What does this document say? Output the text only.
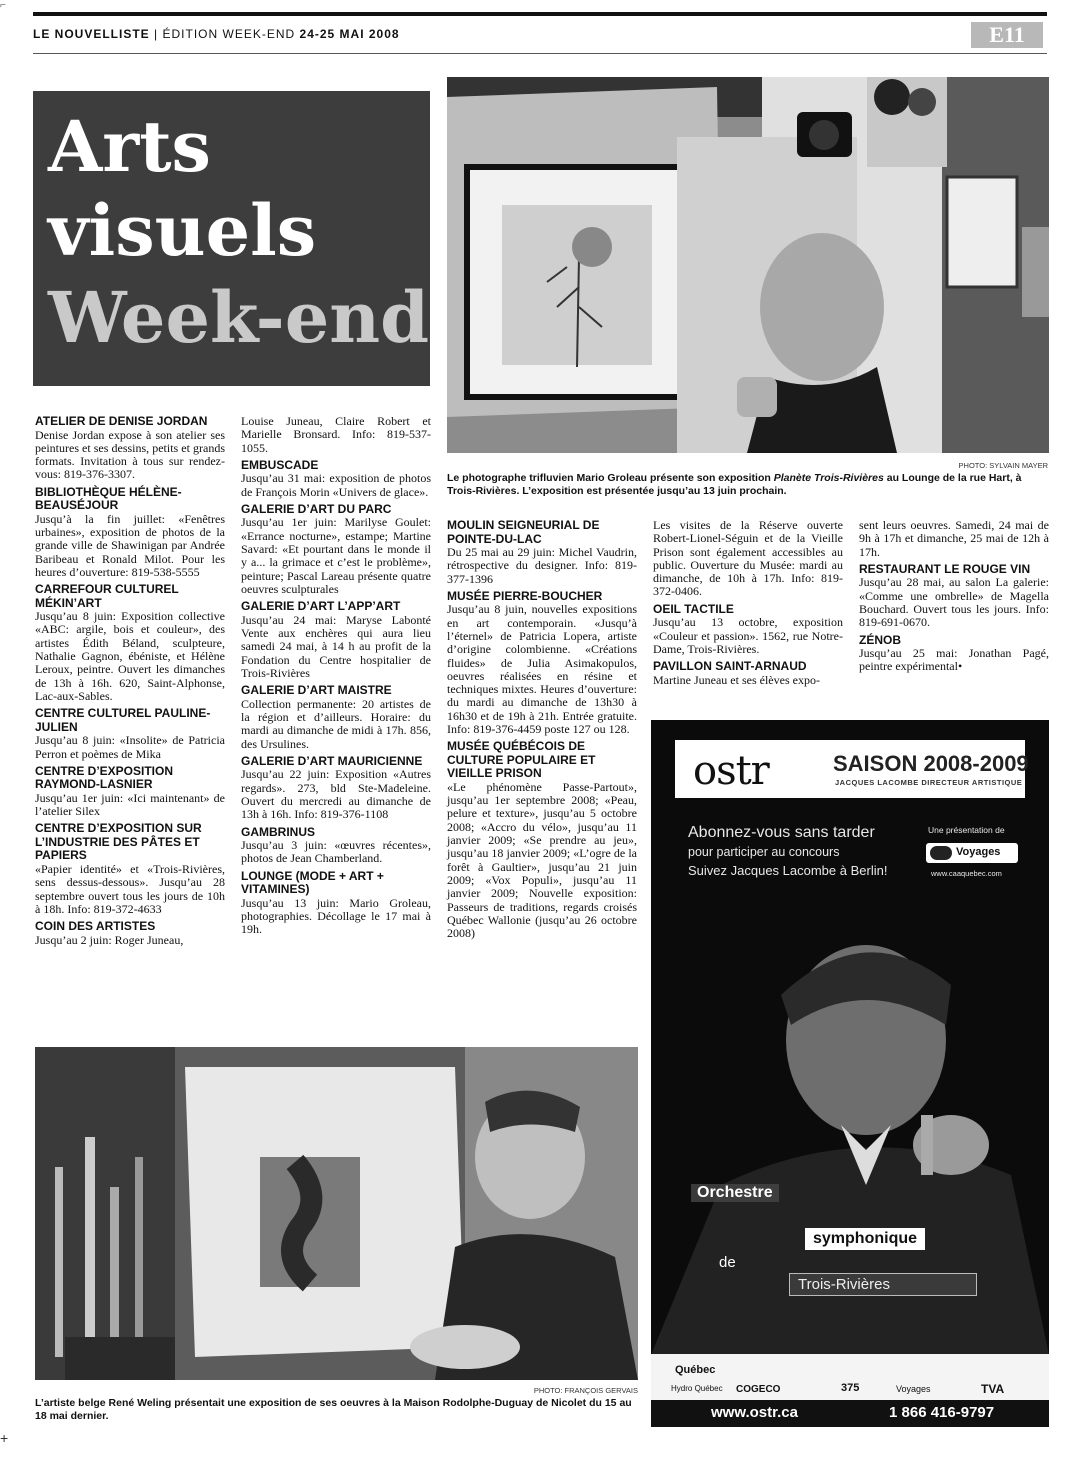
⌐
LE NOUVELLISTE | ÉDITION WEEK-END 24-25 MAI 2008	E11
Arts
visuels
Week-end
PHOTO: SYLVAIN MAYER
Le photographe trifluvien Mario Groleau présente son exposition Planète Trois-Rivières au Lounge de la rue Hart, à Trois-Rivières. L’exposition est présentée jusqu’au 13 juin prochain.
ATELIER DE DENISE JORDAN

Denise Jordan expose à son atelier ses peintures et ses dessins, petits et grands formats. Invitation à tous sur rendez-vous: 819-376-3307.

BIBLIOTHÈQUE HÉLÈNE-BEAUSÉJOUR

Jusqu’à la fin juillet: «Fenêtres urbaines», exposition de photos de la grande ville de Shawinigan par Andrée Baribeau et Ronald Milot. Pour les heures d’ouverture: 819-538-5555

CARREFOUR CULTUREL MÉKIN’ART

Jusqu’au 8 juin: Exposition collective «ABC: argile, bois et couleur», des artistes Édith Béland, sculpteure, Nathalie Gagnon, ébéniste, et Hélène Leroux, peintre. Ouvert les dimanches de 13h à 16h. 620, Saint-Alphonse, Lac-aux-Sables.

CENTRE CULTUREL PAULINE-JULIEN

Jusqu’au 8 juin: «Insolite» de Patricia Perron et poèmes de Mika

CENTRE D’EXPOSITION RAYMOND-LASNIER

Jusqu’au 1er juin: «Ici maintenant» de l’atelier Silex

CENTRE D’EXPOSITION SUR L’INDUSTRIE DES PÂTES ET PAPIERS

«Papier identité» et «Trois-Rivières, sens dessus-dessous». Jusqu’au 28 septembre ouvert tous les jours de 10h à 18h. Info: 819-372-4633

COIN DES ARTISTES

Jusqu’au 2 juin: Roger Juneau,

Louise Juneau, Claire Robert et Marielle Bronsard. Info: 819-537-1055.

EMBUSCADE

Jusqu’au 31 mai: exposition de photos de François Morin «Univers de glace».

GALERIE D’ART DU PARC

Jusqu’au 1er juin: Marilyse Goulet: «Errance nocturne», estampe; Martine Savard: «Et pourtant dans le monde il y a... la grimace et c’est le problème», peinture; Pascal Lareau présente quatre oeuvres sculpturales

GALERIE D’ART L’APP’ART

Jusqu’au 24 mai: Maryse Labonté Vente aux enchères qui aura lieu samedi 24 mai, à 14 h au profit de la Fondation du Centre hospitalier de Trois-Rivières

GALERIE D’ART MAISTRE

Collection permanente: 20 artistes de la région et d’ailleurs. Horaire: du mardi au dimanche de midi à 17h. 856, des Ursulines.

GALERIE D’ART MAURICIENNE

Jusqu’au 22 juin: Exposition «Autres regards». 273, bld Ste-Madeleine. Ouvert du mercredi au dimanche de 13h à 16h. Info: 819-376-1108

GAMBRINUS

Jusqu’au 3 juin: «œuvres récentes», photos de Jean Chamberland.

LOUNGE (MODE + ART + VITAMINES)

Jusqu’au 13 juin: Mario Groleau, photographies. Décollage le 17 mai à 19h.

MOULIN SEIGNEURIAL DE POINTE-DU-LAC

Du 25 mai au 29 juin: Michel Vaudrin, rétrospective du designer. Info: 819-377-1396

MUSÉE PIERRE-BOUCHER

Jusqu’au 8 juin, nouvelles expositions en art contemporain. «Jusqu’à l’éternel» de Patricia Lopera, artiste d’origine colombienne. «Créations fluides» de Julia Asimakopulos, oeuvres réalisées en résine et techniques mixtes. Heures d’ouverture: du mardi au dimanche de 13h30 à 16h30 et de 19h à 21h. Entrée gratuite. Info: 819-376-4459 poste 127 ou 128.

MUSÉE QUÉBÉCOIS DE CULTURE POPULAIRE ET VIEILLE PRISON

«Le phénomène Passe-Partout», jusqu’au 1er septembre 2008; «Peau, pelure et texture», jusqu’au 5 octobre 2008; «Accro du vélo», jusqu’au 11 janvier 2009; «Se prendre au jeu», jusqu’au 18 janvier 2009; «L’ogre de la forêt à Gaultier», jusqu’au 21 juin 2009; «Vox Populi», jusqu’au 11 janvier 2009; Nouvelle exposition: Passeurs de traditions, regards croisés Québec Wallonie (jusqu’au 26 octobre 2008)

Les visites de la Réserve ouverte Robert-Lionel-Séguin et de la Vieille Prison sont également accessibles au public. Ouverture du Musée: mardi au dimanche, de 10h à 17h. Info: 819-372-0406.

OEIL TACTILE

Jusqu’au 13 octobre, exposition «Couleur et passion». 1562, rue Notre-Dame, Trois-Rivières.

PAVILLON SAINT-ARNAUD

Martine Juneau et ses élèves expo-

sent leurs oeuvres. Samedi, 24 mai de 9h à 17h et dimanche, 25 mai de 12h à 17h.

RESTAURANT LE ROUGE VIN

Jusqu’au 28 mai, au salon La galerie: «Comme une ombrelle» de Magella Bouchard. Ouvert tous les jours. Info: 819-691-0670.

ZÉNOB

Jusqu’au 25 mai: Jonathan Pagé, peintre expérimental•

PHOTO: FRANÇOIS GERVAIS
L’artiste belge René Weling présentait une exposition de ses oeuvres à la Maison Rodolphe-Duguay de Nicolet du 15 au 18 mai dernier.
ostr	SAISON 2008-2009
JACQUES LACOMBE DIRECTEUR ARTISTIQUE
Abonnez-vous sans tarder
pour participer au concours
Suivez Jacques Lacombe à Berlin!
Une présentation de
Voyages
www.caaquebec.com
Orchestre
symphonique
de
Trois-Rivières
Québec
Hydro Québec COGECO	375	Voyages	TVA
www.ostr.ca	1 866 416-9797
+
